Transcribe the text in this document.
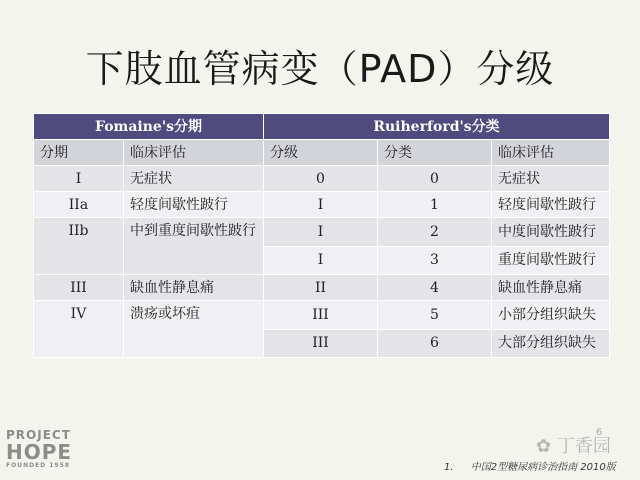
下肢血管病变（PAD）分级
Fomaine's分期		Ruiherford's分类		
分期	临床评估	分级	分类	临床评估
I	无症状	0	0	无症状
IIa	轻度间歇性跛行	I	1	轻度间歇性跛行
IIb	中到重度间歇性跛行	I	2	中度间歇性跛行
		I	3	重度间歇性跛行
III	缺血性静息痛	II	4	缺血性静息痛
IV	溃疡或坏疽	III	5	小部分组织缺失
		III	6	大部分组织缺失
PROJECT
HOPE
FOUNDED 1958
6
✿ 丁香园
1. 中国2型糖尿病诊治指南 2010版
